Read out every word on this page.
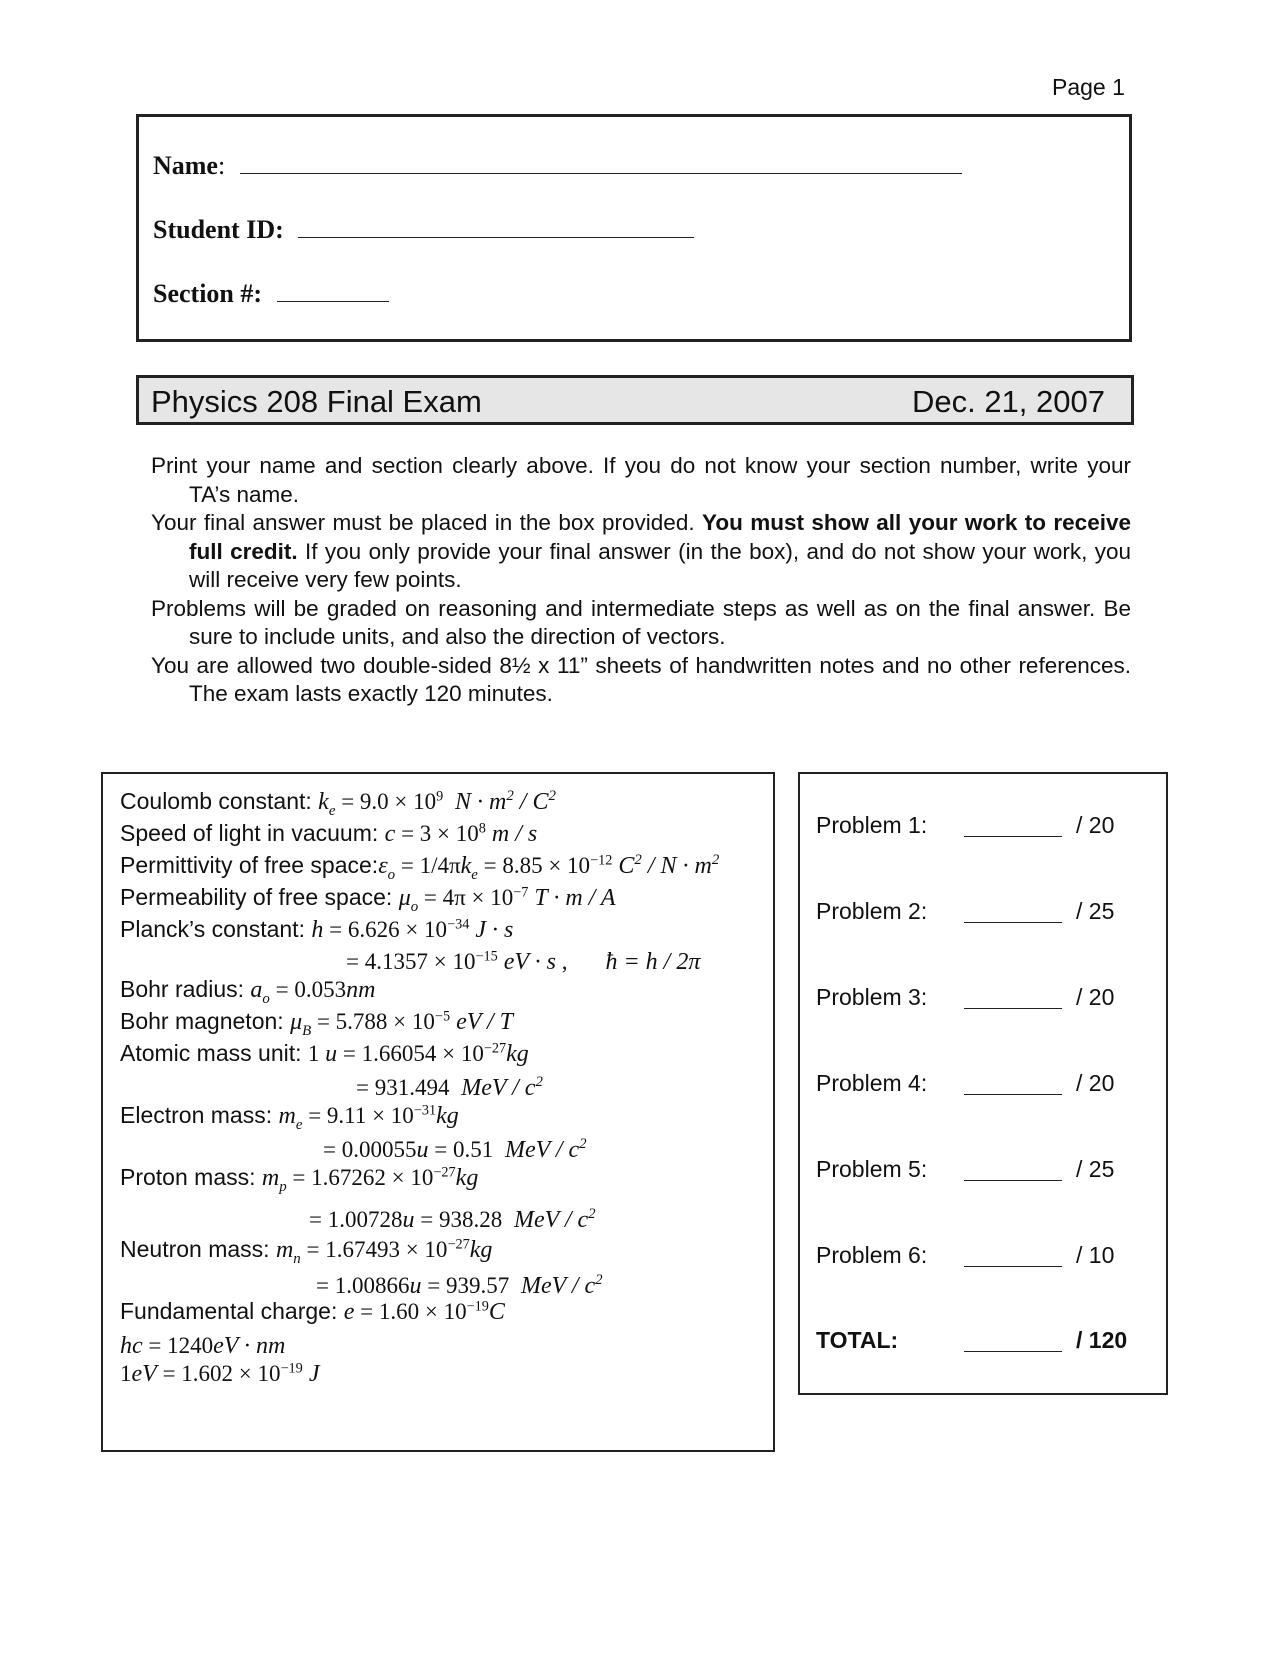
Page 1
Name:
Student ID:
Section #:
Physics 208 Final Exam	Dec. 21, 2007

Print your name and section clearly above. If you do not know your section number, write your TA’s name.

Your final answer must be placed in the box provided. You must show all your work to receive full credit. If you only provide your final answer (in the box), and do not show your work, you will receive very few points.

Problems will be graded on reasoning and intermediate steps as well as on the final answer. Be sure to include units, and also the direction of vectors.

You are allowed two double-sided 8½ x 11” sheets of handwritten notes and no other references. The exam lasts exactly 120 minutes.

Coulomb constant: $k_e = 9.0 \times 10^9$  $N \cdot m^2 / C^2$
Speed of light in vacuum: $c = 3 \times 10^8$ m / s
Permittivity of free $space:\varepsilon_o = 1/4\pi k_e = 8.85 \times 10^{-12}$ $C^2 / N \cdot m^2$
Permeability of free space: $\mu_o = 4\pi \times 10^{-7}$ T · m / A
Planck’s constant: $h = 6.626 \times 10^{-34}$ J · s
= $4.1357 \times 10^{-15}$ eV · s , ħ = h / 2π
Bohr radius: $a_o = 0.053nm$
Bohr magneton: $\mu_B = 5.788 \times 10^{-5}$ eV / T
Atomic mass unit: 1 $u = 1.66054 \times 10^{-27}kg$
= 931.494  MeV / $c^2$
Electron mass: $m_e = 9.11 \times 10^{-31}kg$
= 0.00055u = 0.51  MeV / $c^2$
Proton mass: $m_p = 1.67262 \times 10^{-27}kg$
= 1.00728u = 938.28  MeV / $c^2$
Neutron mass: $m_n = 1.67493 \times 10^{-27}kg$
= 1.00866u = 939.57  MeV / $c^2$
Fundamental charge: $e = 1.60 \times 10^{-19}C$
hc = 1240eV · nm
$1eV = 1.602 \times 10^{-19}$ J
Problem 1:	/ 20
Problem 2:	/ 25
Problem 3:	/ 20
Problem 4:	/ 20
Problem 5:	/ 25
Problem 6:	/ 10
TOTAL:	/ 120
